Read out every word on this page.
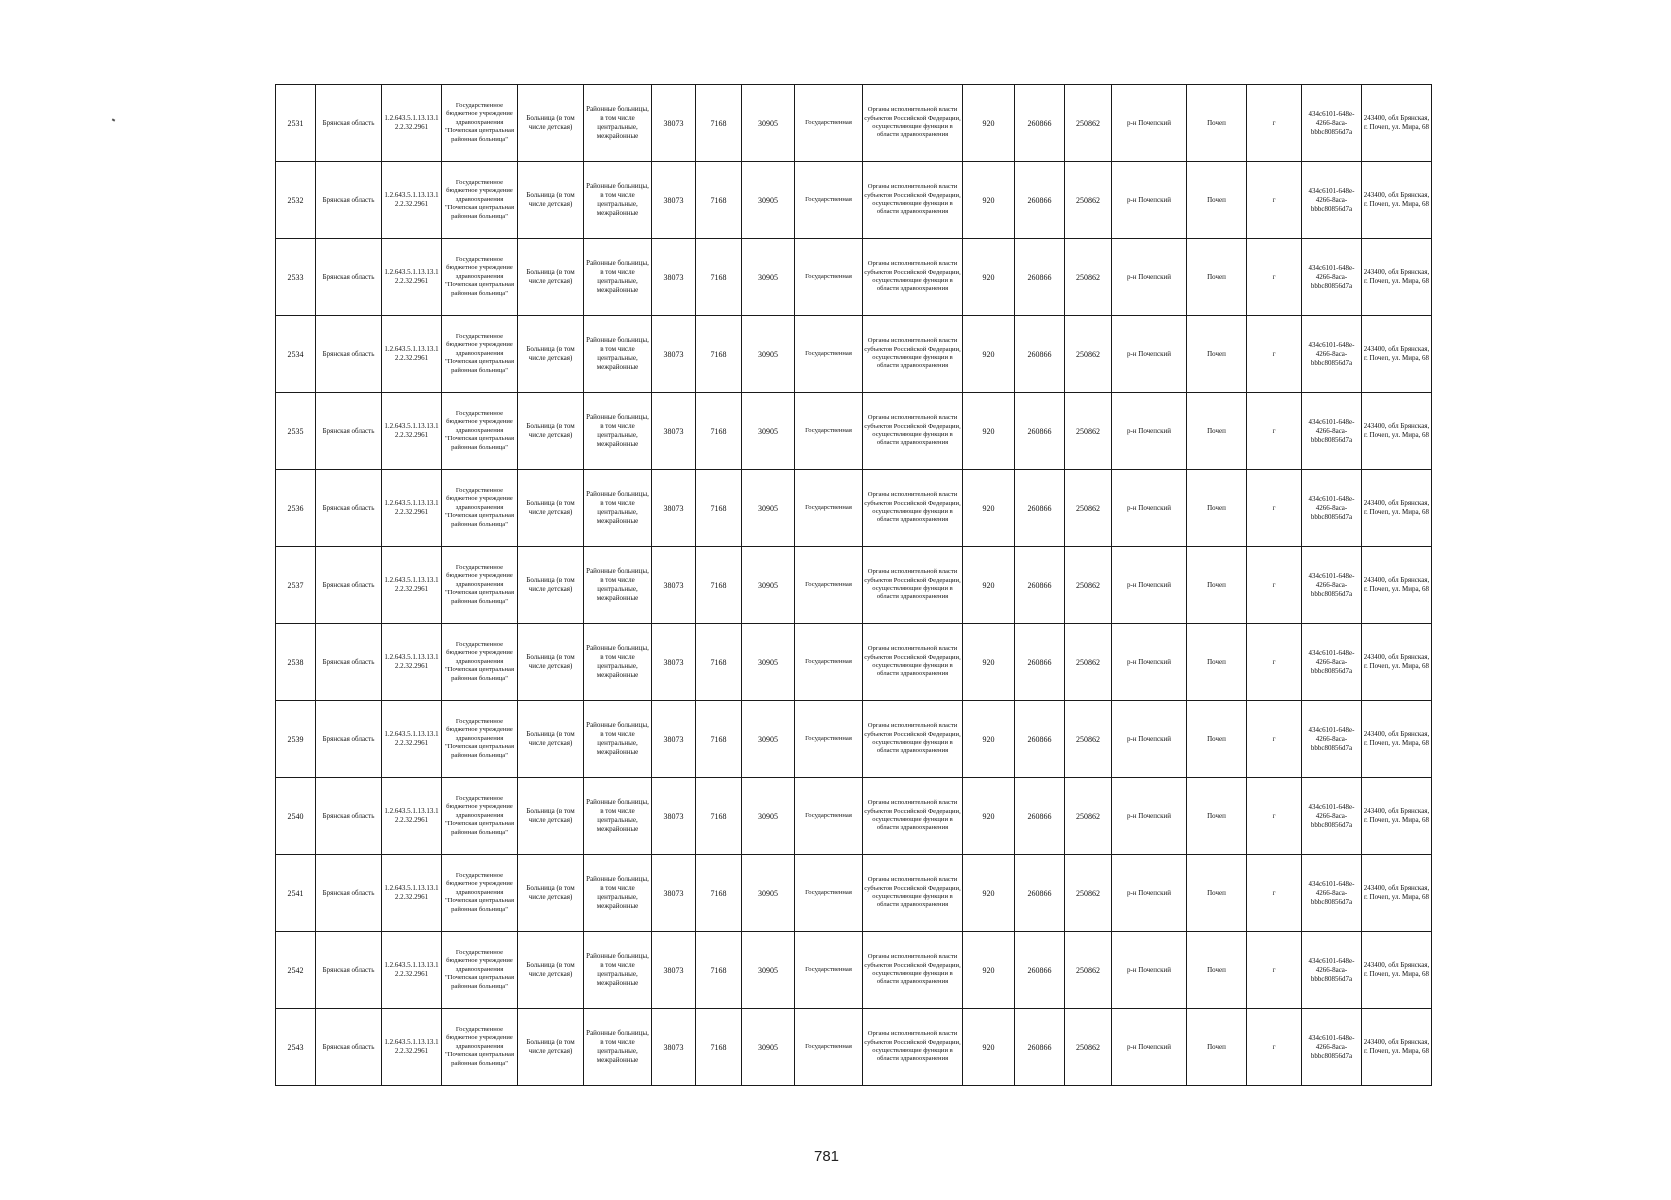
2531	Брянская область	1.2.643.5.1.13.13.12.2.32.2961	Государственное бюджетное учреждение здравоохранения "Почепская центральная районная больница"	Больница (в том числе детская)	Районные больницы, в том числе центральные, межрайонные	38073	7168	30905	Государственная	Органы исполнительной власти субъектов Российской Федерации, осуществляющие функции в области здравоохранения	920	260866	250862	р-н Почепский	Почеп	г	434c6101-648e-4266-8aca-bbbc80856d7a	243400, обл Брянская, г. Почеп, ул. Мира, 68
2532	Брянская область	1.2.643.5.1.13.13.12.2.32.2961	Государственное бюджетное учреждение здравоохранения "Почепская центральная районная больница"	Больница (в том числе детская)	Районные больницы, в том числе центральные, межрайонные	38073	7168	30905	Государственная	Органы исполнительной власти субъектов Российской Федерации, осуществляющие функции в области здравоохранения	920	260866	250862	р-н Почепский	Почеп	г	434c6101-648e-4266-8aca-bbbc80856d7a	243400, обл Брянская, г. Почеп, ул. Мира, 68
2533	Брянская область	1.2.643.5.1.13.13.12.2.32.2961	Государственное бюджетное учреждение здравоохранения "Почепская центральная районная больница"	Больница (в том числе детская)	Районные больницы, в том числе центральные, межрайонные	38073	7168	30905	Государственная	Органы исполнительной власти субъектов Российской Федерации, осуществляющие функции в области здравоохранения	920	260866	250862	р-н Почепский	Почеп	г	434c6101-648e-4266-8aca-bbbc80856d7a	243400, обл Брянская, г. Почеп, ул. Мира, 68
2534	Брянская область	1.2.643.5.1.13.13.12.2.32.2961	Государственное бюджетное учреждение здравоохранения "Почепская центральная районная больница"	Больница (в том числе детская)	Районные больницы, в том числе центральные, межрайонные	38073	7168	30905	Государственная	Органы исполнительной власти субъектов Российской Федерации, осуществляющие функции в области здравоохранения	920	260866	250862	р-н Почепский	Почеп	г	434c6101-648e-4266-8aca-bbbc80856d7a	243400, обл Брянская, г. Почеп, ул. Мира, 68
2535	Брянская область	1.2.643.5.1.13.13.12.2.32.2961	Государственное бюджетное учреждение здравоохранения "Почепская центральная районная больница"	Больница (в том числе детская)	Районные больницы, в том числе центральные, межрайонные	38073	7168	30905	Государственная	Органы исполнительной власти субъектов Российской Федерации, осуществляющие функции в области здравоохранения	920	260866	250862	р-н Почепский	Почеп	г	434c6101-648e-4266-8aca-bbbc80856d7a	243400, обл Брянская, г. Почеп, ул. Мира, 68
2536	Брянская область	1.2.643.5.1.13.13.12.2.32.2961	Государственное бюджетное учреждение здравоохранения "Почепская центральная районная больница"	Больница (в том числе детская)	Районные больницы, в том числе центральные, межрайонные	38073	7168	30905	Государственная	Органы исполнительной власти субъектов Российской Федерации, осуществляющие функции в области здравоохранения	920	260866	250862	р-н Почепский	Почеп	г	434c6101-648e-4266-8aca-bbbc80856d7a	243400, обл Брянская, г. Почеп, ул. Мира, 68
2537	Брянская область	1.2.643.5.1.13.13.12.2.32.2961	Государственное бюджетное учреждение здравоохранения "Почепская центральная районная больница"	Больница (в том числе детская)	Районные больницы, в том числе центральные, межрайонные	38073	7168	30905	Государственная	Органы исполнительной власти субъектов Российской Федерации, осуществляющие функции в области здравоохранения	920	260866	250862	р-н Почепский	Почеп	г	434c6101-648e-4266-8aca-bbbc80856d7a	243400, обл Брянская, г. Почеп, ул. Мира, 68
2538	Брянская область	1.2.643.5.1.13.13.12.2.32.2961	Государственное бюджетное учреждение здравоохранения "Почепская центральная районная больница"	Больница (в том числе детская)	Районные больницы, в том числе центральные, межрайонные	38073	7168	30905	Государственная	Органы исполнительной власти субъектов Российской Федерации, осуществляющие функции в области здравоохранения	920	260866	250862	р-н Почепский	Почеп	г	434c6101-648e-4266-8aca-bbbc80856d7a	243400, обл Брянская, г. Почеп, ул. Мира, 68
2539	Брянская область	1.2.643.5.1.13.13.12.2.32.2961	Государственное бюджетное учреждение здравоохранения "Почепская центральная районная больница"	Больница (в том числе детская)	Районные больницы, в том числе центральные, межрайонные	38073	7168	30905	Государственная	Органы исполнительной власти субъектов Российской Федерации, осуществляющие функции в области здравоохранения	920	260866	250862	р-н Почепский	Почеп	г	434c6101-648e-4266-8aca-bbbc80856d7a	243400, обл Брянская, г. Почеп, ул. Мира, 68
2540	Брянская область	1.2.643.5.1.13.13.12.2.32.2961	Государственное бюджетное учреждение здравоохранения "Почепская центральная районная больница"	Больница (в том числе детская)	Районные больницы, в том числе центральные, межрайонные	38073	7168	30905	Государственная	Органы исполнительной власти субъектов Российской Федерации, осуществляющие функции в области здравоохранения	920	260866	250862	р-н Почепский	Почеп	г	434c6101-648e-4266-8aca-bbbc80856d7a	243400, обл Брянская, г. Почеп, ул. Мира, 68
2541	Брянская область	1.2.643.5.1.13.13.12.2.32.2961	Государственное бюджетное учреждение здравоохранения "Почепская центральная районная больница"	Больница (в том числе детская)	Районные больницы, в том числе центральные, межрайонные	38073	7168	30905	Государственная	Органы исполнительной власти субъектов Российской Федерации, осуществляющие функции в области здравоохранения	920	260866	250862	р-н Почепский	Почеп	г	434c6101-648e-4266-8aca-bbbc80856d7a	243400, обл Брянская, г. Почеп, ул. Мира, 68
2542	Брянская область	1.2.643.5.1.13.13.12.2.32.2961	Государственное бюджетное учреждение здравоохранения "Почепская центральная районная больница"	Больница (в том числе детская)	Районные больницы, в том числе центральные, межрайонные	38073	7168	30905	Государственная	Органы исполнительной власти субъектов Российской Федерации, осуществляющие функции в области здравоохранения	920	260866	250862	р-н Почепский	Почеп	г	434c6101-648e-4266-8aca-bbbc80856d7a	243400, обл Брянская, г. Почеп, ул. Мира, 68
2543	Брянская область	1.2.643.5.1.13.13.12.2.32.2961	Государственное бюджетное учреждение здравоохранения "Почепская центральная районная больница"	Больница (в том числе детская)	Районные больницы, в том числе центральные, межрайонные	38073	7168	30905	Государственная	Органы исполнительной власти субъектов Российской Федерации, осуществляющие функции в области здравоохранения	920	260866	250862	р-н Почепский	Почеп	г	434c6101-648e-4266-8aca-bbbc80856d7a	243400, обл Брянская, г. Почеп, ул. Мира, 68
781
